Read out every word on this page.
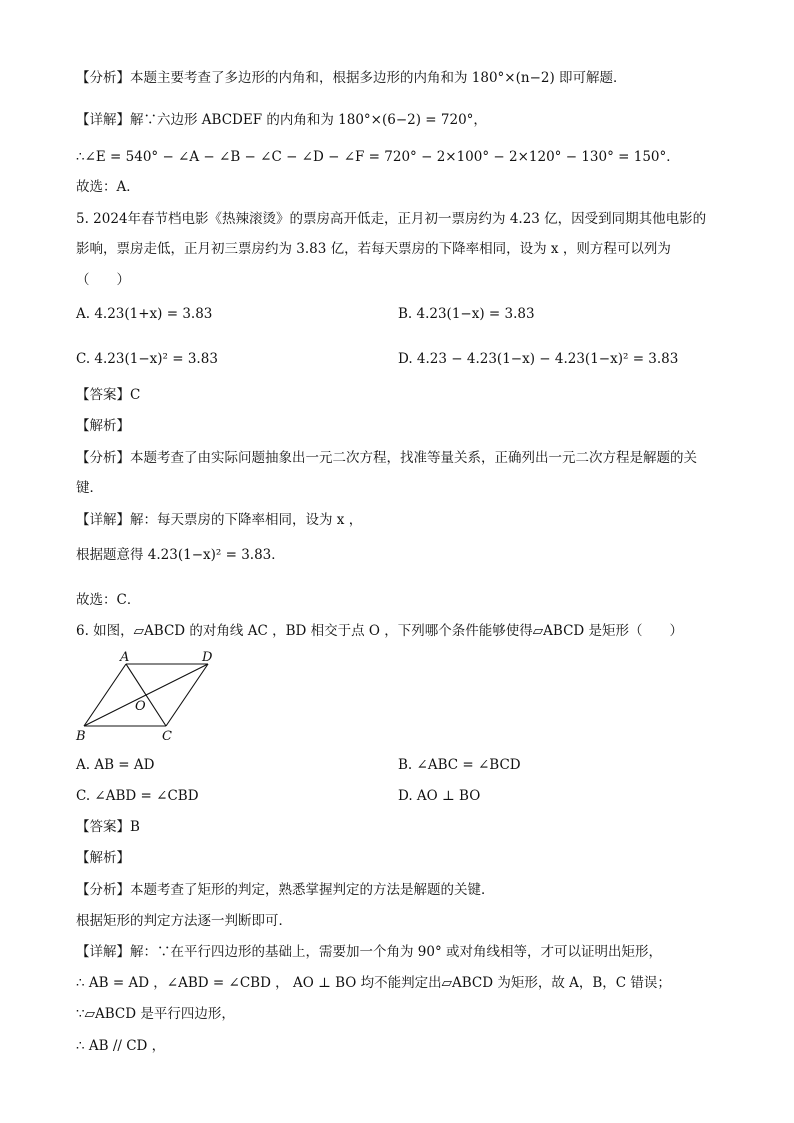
【分析】本题主要考查了多边形的内角和，根据多边形的内角和为 180°×(n−2) 即可解题．
【详解】解∵六边形 ABCDEF 的内角和为 180°×(6−2) = 720°，
∴∠E = 540° − ∠A − ∠B − ∠C − ∠D − ∠F = 720° − 2×100° − 2×120° − 130° = 150°．
故选：A．
5. 2024年春节档电影《热辣滚烫》的票房高开低走，正月初一票房约为 4.23 亿，因受到同期其他电影的
影响，票房走低，正月初三票房约为 3.83 亿，若每天票房的下降率相同，设为 x ，则方程可以列为
（　　）
A. 4.23(1+x) = 3.83	B. 4.23(1−x) = 3.83
C. 4.23(1−x)² = 3.83	D. 4.23 − 4.23(1−x) − 4.23(1−x)² = 3.83
【答案】C
【解析】
【分析】本题考查了由实际问题抽象出一元二次方程，找准等量关系，正确列出一元二次方程是解题的关
键．
【详解】解：每天票房的下降率相同，设为 x ，
根据题意得 4.23(1−x)² = 3.83．
故选：C．
6. 如图，▱ABCD 的对角线 AC ，BD 相交于点 O ，下列哪个条件能够使得▱ABCD 是矩形（　　）
A	D
B	C
O
A. AB = AD	B. ∠ABC = ∠BCD
C. ∠ABD = ∠CBD	D. AO ⊥ BO
【答案】B
【解析】
【分析】本题考查了矩形的判定，熟悉掌握判定的方法是解题的关键．
根据矩形的判定方法逐一判断即可．
【详解】解：∵在平行四边形的基础上，需要加一个角为 90° 或对角线相等，才可以证明出矩形，
∴ AB = AD ，∠ABD = ∠CBD ， AO ⊥ BO 均不能判定出▱ABCD 为矩形，故 A，B，C 错误；
∵▱ABCD 是平行四边形，
∴ AB // CD ，
